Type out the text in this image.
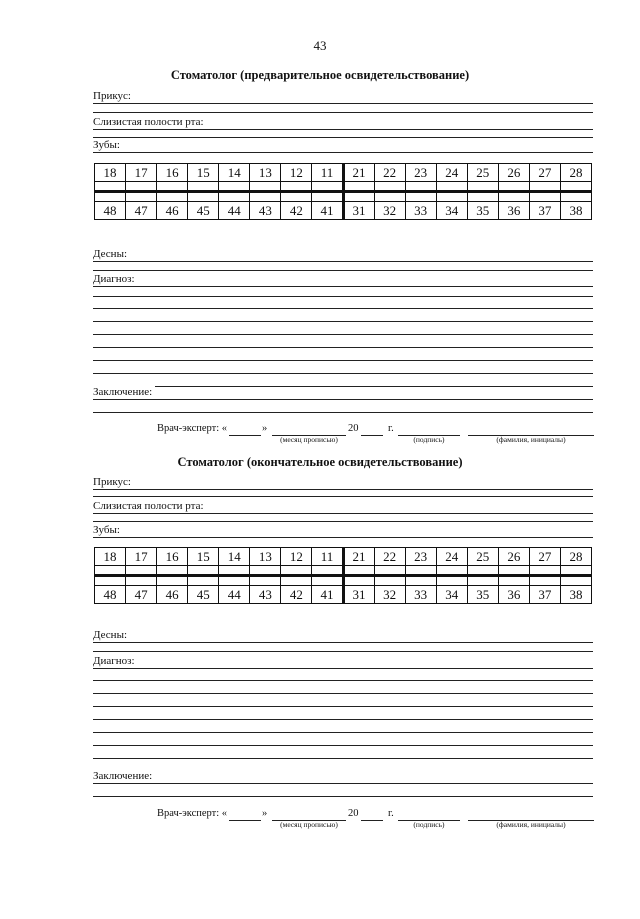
43
Стоматолог (предварительное освидетельствование)
Прикус:
Слизистая полости рта:
Зубы:
18	17	16	15	14	13	12	11	21	22	23	24	25	26	27	28

48	47	46	45	44	43	42	41	31	32	33	34	35	36	37	38
Десны:
Диагноз:
Заключение:
Врач-эксперт: «	»
(месяц прописью)
20	г.
(подпись)	(фамилия, инициалы)
Стоматолог (окончательное освидетельствование)
Прикус:
Слизистая полости рта:
Зубы:
18	17	16	15	14	13	12	11	21	22	23	24	25	26	27	28

48	47	46	45	44	43	42	41	31	32	33	34	35	36	37	38
Десны:
Диагноз:
Заключение:
Врач-эксперт: «	»
(месяц прописью)
20	г.
(подпись)	(фамилия, инициалы)
